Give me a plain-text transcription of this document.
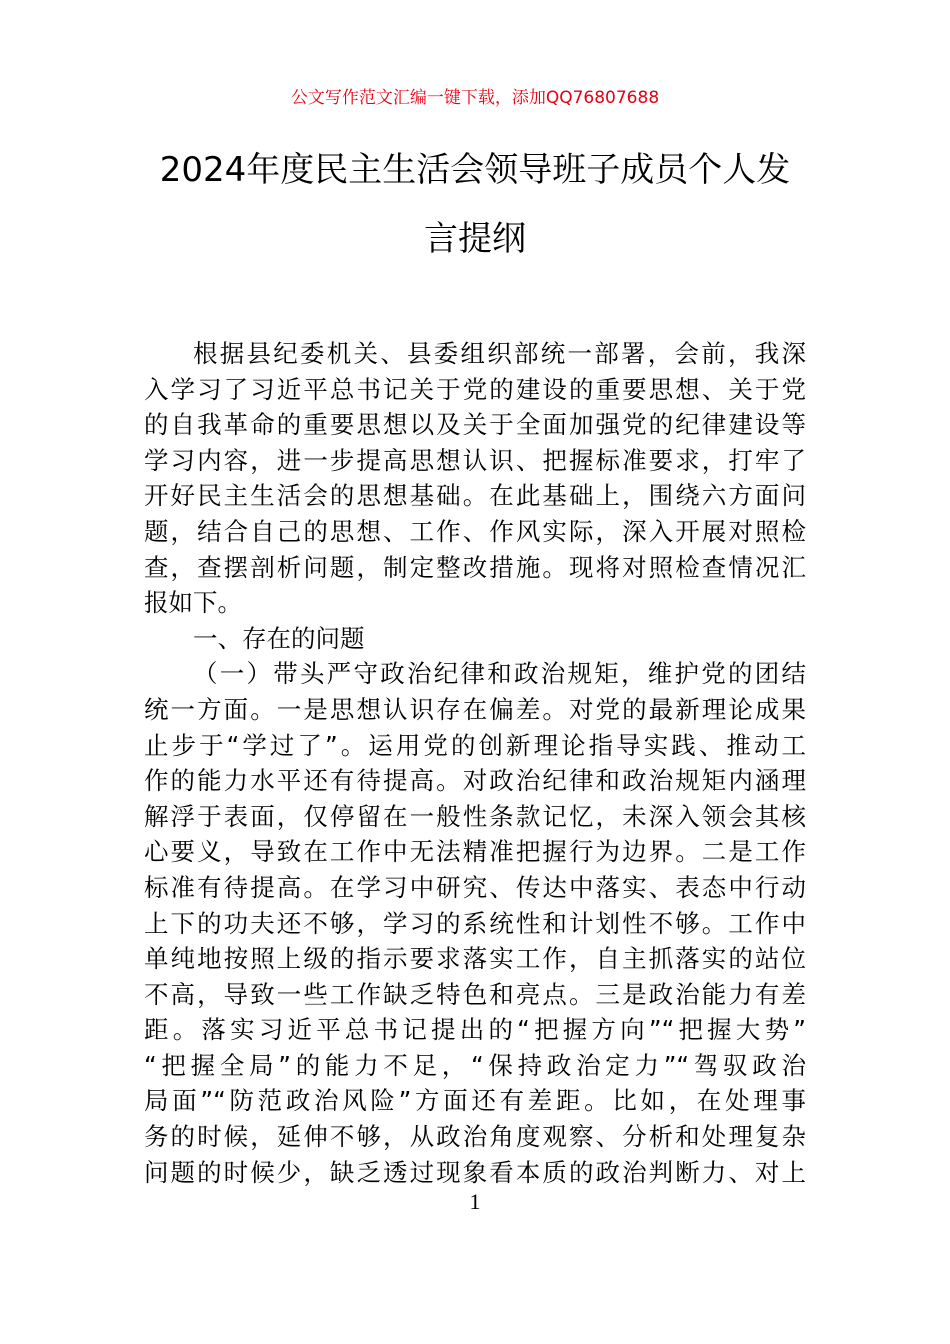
公文写作范文汇编一键下载，添加QQ76807688
2024年度民主生活会领导班子成员个人发
言提纲
根据县纪委机关、县委组织部统一部署，会前，我深
入学习了习近平总书记关于党的建设的重要思想、关于党
的自我革命的重要思想以及关于全面加强党的纪律建设等
学习内容，进一步提高思想认识、把握标准要求，打牢了
开好民主生活会的思想基础。在此基础上，围绕六方面问
题，结合自己的思想、工作、作风实际，深入开展对照检
查，查摆剖析问题，制定整改措施。现将对照检查情况汇
报如下。
一、存在的问题
（一）带头严守政治纪律和政治规矩，维护党的团结
统一方面。一是思想认识存在偏差。对党的最新理论成果
止步于“学过了”。运用党的创新理论指导实践、推动工
作的能力水平还有待提高。对政治纪律和政治规矩内涵理
解浮于表面，仅停留在一般性条款记忆，未深入领会其核
心要义，导致在工作中无法精准把握行为边界。二是工作
标准有待提高。在学习中研究、传达中落实、表态中行动
上下的功夫还不够，学习的系统性和计划性不够。工作中
单纯地按照上级的指示要求落实工作，自主抓落实的站位
不高，导致一些工作缺乏特色和亮点。三是政治能力有差
距。落实习近平总书记提出的“把握方向”“把握大势”
“把握全局”的能力不足，“保持政治定力”“驾驭政治
局面”“防范政治风险”方面还有差距。比如，在处理事
务的时候，延伸不够，从政治角度观察、分析和处理复杂
问题的时候少，缺乏透过现象看本质的政治判断力、对上
1
